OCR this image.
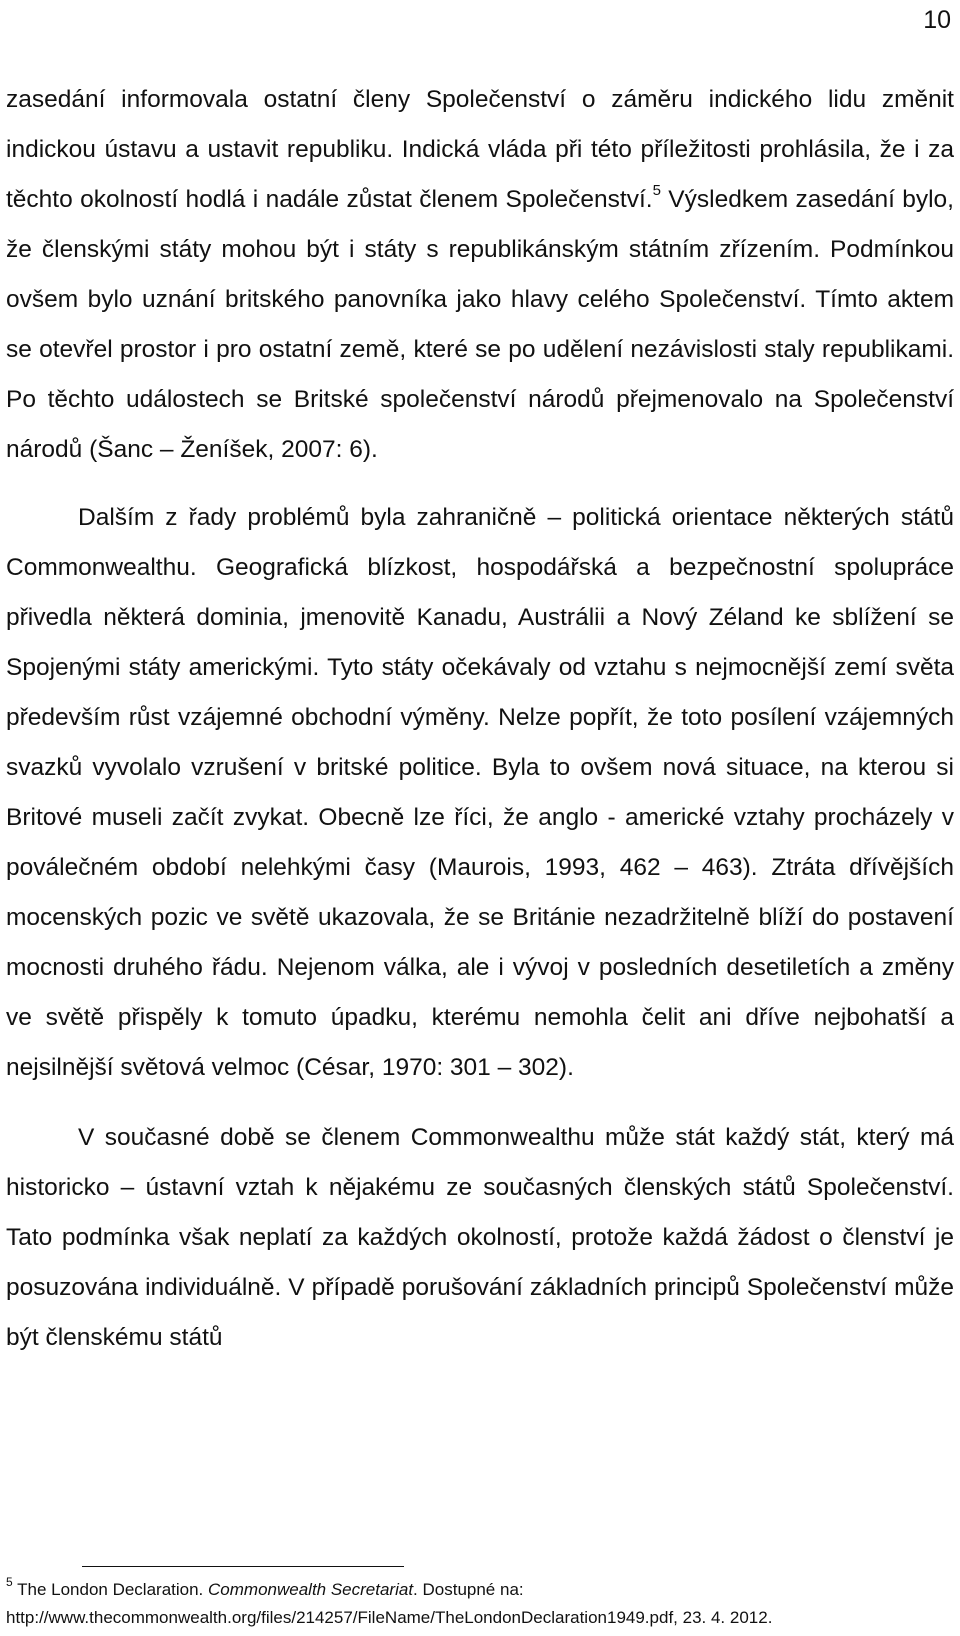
10

zasedání informovala ostatní členy Společenství o záměru indického lidu změnit indickou ústavu a ustavit republiku. Indická vláda při této příležitosti prohlásila, že i za těchto okolností hodlá i nadále zůstat členem Společenství.$^5$ Výsledkem zasedání bylo, že členskými státy mohou být i státy s republikánským státním zřízením. Podmínkou ovšem bylo uznání britského panovníka jako hlavy celého Společenství. Tímto aktem se otevřel prostor i pro ostatní země, které se po udělení nezávislosti staly republikami. Po těchto událostech se Britské společenství národů přejmenovalo na Společenství národů (Šanc – Ženíšek, 2007: 6).

Dalším z řady problémů byla zahraničně – politická orientace některých států Commonwealthu. Geografická blízkost, hospodářská a bezpečnostní spolupráce přivedla některá dominia, jmenovitě Kanadu, Austrálii a Nový Zéland ke sblížení se Spojenými státy americkými. Tyto státy očekávaly od vztahu s nejmocnější zemí světa především růst vzájemné obchodní výměny. Nelze popřít, že toto posílení vzájemných svazků vyvolalo vzrušení v britské politice. Byla to ovšem nová situace, na kterou si Britové museli začít zvykat. Obecně lze říci, že anglo - americké vztahy procházely v poválečném období nelehkými časy (Maurois, 1993, 462 – 463). Ztráta dřívějších mocenských pozic ve světě ukazovala, že se Británie nezadržitelně blíží do postavení mocnosti druhého řádu. Nejenom válka, ale i vývoj v posledních desetiletích a změny ve světě přispěly k tomuto úpadku, kterému nemohla čelit ani dříve nejbohatší a nejsilnější světová velmoc (César, 1970: 301 – 302).

V současné době se členem Commonwealthu může stát každý stát, který má historicko – ústavní vztah k nějakému ze současných členských států Společenství. Tato podmínka však neplatí za každých okolností, protože každá žádost o členství je posuzována individuálně. V případě porušování základních principů Společenství může být členskému států

$^5$ The London Declaration. Commonwealth Secretariat. Dostupné na:
http://www.thecommonwealth.org/files/214257/FileName/TheLondonDeclaration1949.pdf, 23. 4. 2012.
